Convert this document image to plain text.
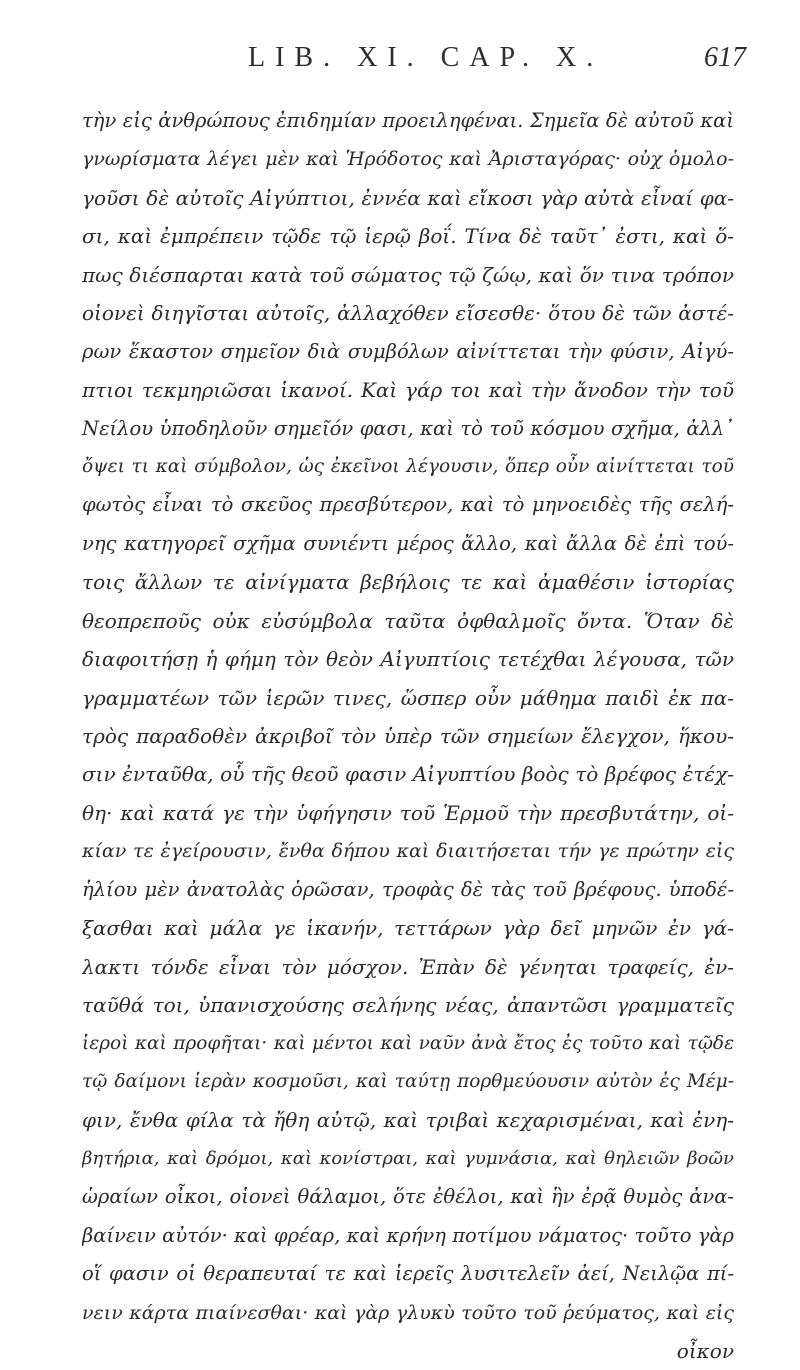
LIB. XI. CAP. X.	617
τὴν εἰς ἀνθρώπους ἐπιδημίαν προειληφέναι. Σημεῖα δὲ αὐτοῦ καὶ
γνωρίσματα λέγει μὲν καὶ Ἡρόδοτος καὶ Ἀρισταγόρας· οὐχ ὁμολο-
γοῦσι δὲ αὐτοῖς Αἰγύπτιοι, ἐννέα καὶ εἴκοσι γὰρ αὐτὰ εἶναί φα-
σι, καὶ ἐμπρέπειν τῷδε τῷ ἱερῷ βοΐ. Τίνα δὲ ταῦτ᾽ ἐστι, καὶ ὅ-
πως διέσπαρται κατὰ τοῦ σώματος τῷ ζώῳ, καὶ ὅν τινα τρόπον
οἱονεὶ διηγῖσται αὐτοῖς, ἀλλαχόθεν εἴσεσθε· ὅτου δὲ τῶν ἀστέ-
ρων ἕκαστον σημεῖον διὰ συμβόλων αἰνίττεται τὴν φύσιν, Αἰγύ-
πτιοι τεκμηριῶσαι ἱκανοί. Καὶ γάρ τοι καὶ τὴν ἄνοδον τὴν τοῦ
Νείλου ὑποδηλοῦν σημεῖόν φασι, καὶ τὸ τοῦ κόσμου σχῆμα, ἀλλ᾽
ὄψει τι καὶ σύμβολον, ὡς ἐκεῖνοι λέγουσιν, ὅπερ οὖν αἰνίττεται τοῦ
φωτὸς εἶναι τὸ σκεῦος πρεσβύτερον, καὶ τὸ μηνοειδὲς τῆς σελή-
νης κατηγορεῖ σχῆμα συνιέντι μέρος ἄλλο, καὶ ἄλλα δὲ ἐπὶ τού-
τοις ἄλλων τε αἰνίγματα βεβήλοις τε καὶ ἀμαθέσιν ἱστορίας
θεοπρεποῦς οὐκ εὐσύμβολα ταῦτα ὀφθαλμοῖς ὄντα. Ὅταν δὲ
διαφοιτήσῃ ἡ φήμη τὸν θεὸν Αἰγυπτίοις τετέχθαι λέγουσα, τῶν
γραμματέων τῶν ἱερῶν τινες, ὥσπερ οὖν μάθημα παιδὶ ἐκ πα-
τρὸς παραδοθὲν ἀκριβοῖ τὸν ὑπὲρ τῶν σημείων ἔλεγχον, ἥκου-
σιν ἐνταῦθα, οὗ τῆς θεοῦ φασιν Αἰγυπτίου βοὸς τὸ βρέφος ἐτέχ-
θη· καὶ κατά γε τὴν ὑφήγησιν τοῦ Ἑρμοῦ τὴν πρεσβυτάτην, οἰ-
κίαν τε ἐγείρουσιν, ἔνθα δήπου καὶ διαιτήσεται τήν γε πρώτην εἰς
ἡλίου μὲν ἀνατολὰς ὁρῶσαν, τροφὰς δὲ τὰς τοῦ βρέφους. ὑποδέ-
ξασθαι καὶ μάλα γε ἱκανήν, τεττάρων γὰρ δεῖ μηνῶν ἐν γά-
λακτι τόνδε εἶναι τὸν μόσχον. Ἐπὰν δὲ γένηται τραφείς, ἐν-
ταῦθά τοι, ὑπανισχούσης σελήνης νέας, ἀπαντῶσι γραμματεῖς
ἱεροὶ καὶ προφῆται· καὶ μέντοι καὶ ναῦν ἀνὰ ἔτος ἐς τοῦτο καὶ τῷδε
τῷ δαίμονι ἱερὰν κοσμοῦσι, καὶ ταύτῃ πορθμεύουσιν αὐτὸν ἐς Μέμ-
φιν, ἔνθα φίλα τὰ ἤθη αὐτῷ, καὶ τριβαὶ κεχαρισμέναι, καὶ ἐνη-
βητήρια, καὶ δρόμοι, καὶ κονίστραι, καὶ γυμνάσια, καὶ θηλειῶν βοῶν
ὡραίων οἶκοι, οἱονεὶ θάλαμοι, ὅτε ἐθέλοι, καὶ ἣν ἐρᾷ θυμὸς ἀνα-
βαίνειν αὐτόν· καὶ φρέαρ, καὶ κρήνη ποτίμου νάματος· τοῦτο γὰρ
οἵ φασιν οἱ θεραπευταί τε καὶ ἱερεῖς λυσιτελεῖν ἀεί, Νειλῷα πί-
νειν κάρτα πιαίνεσθαι· καὶ γὰρ γλυκὺ τοῦτο τοῦ ῥεύματος, καὶ εἰς
οἶκον
